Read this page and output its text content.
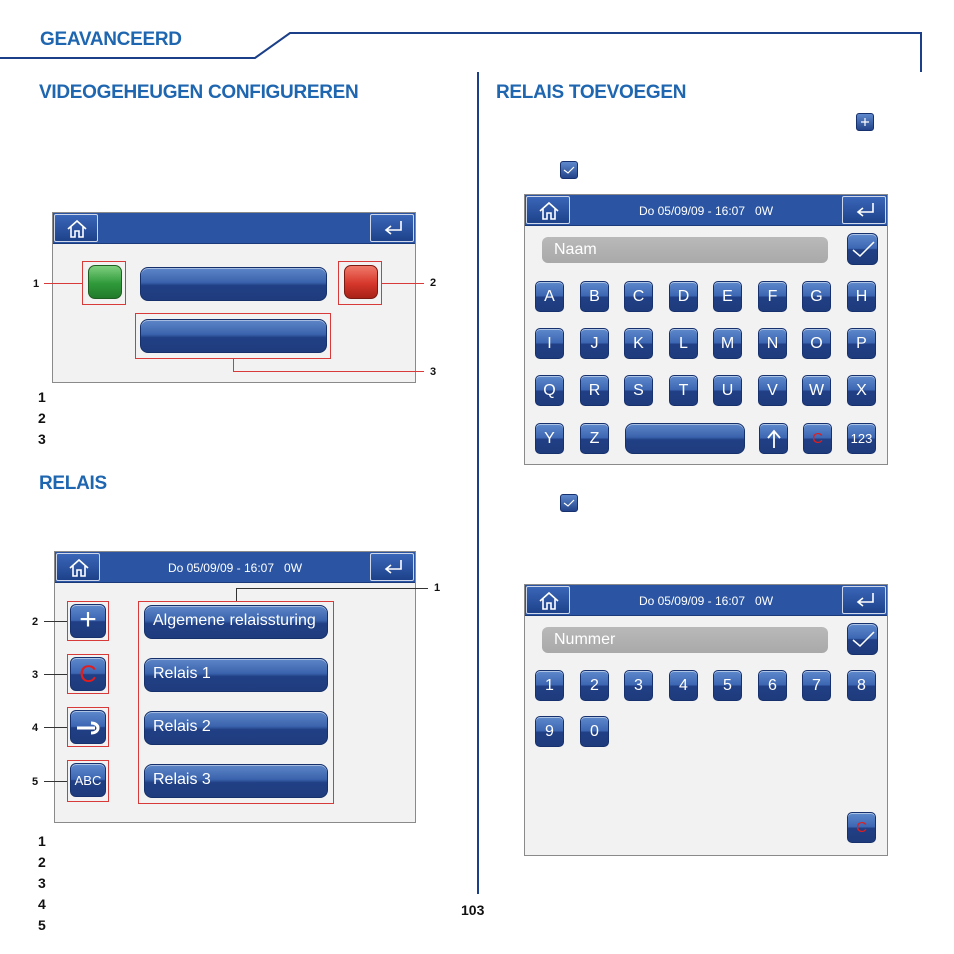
GEAVANCEERD
103
VIDEOGEHEUGEN CONFIGUREREN
1	2
3
1
2
3
RELAIS
Do 05/09/09 - 16:07   0W
+
C
ABC
Algemene relaissturing
Relais 1
Relais 2
Relais 3
1
2
3
4
5
1
2
3
4
5
RELAIS TOEVOEGEN
Do 05/09/09 - 16:07   0W
Naam
A	B	C	D	E	F	G	H
I	J	K	L	M	N	O	P
Q	R	S	T	U	V	W	X
Y	Z	C	123
Do 05/09/09 - 16:07   0W
Nummer
1	2	3	4	5	6	7	8
9	0
C
